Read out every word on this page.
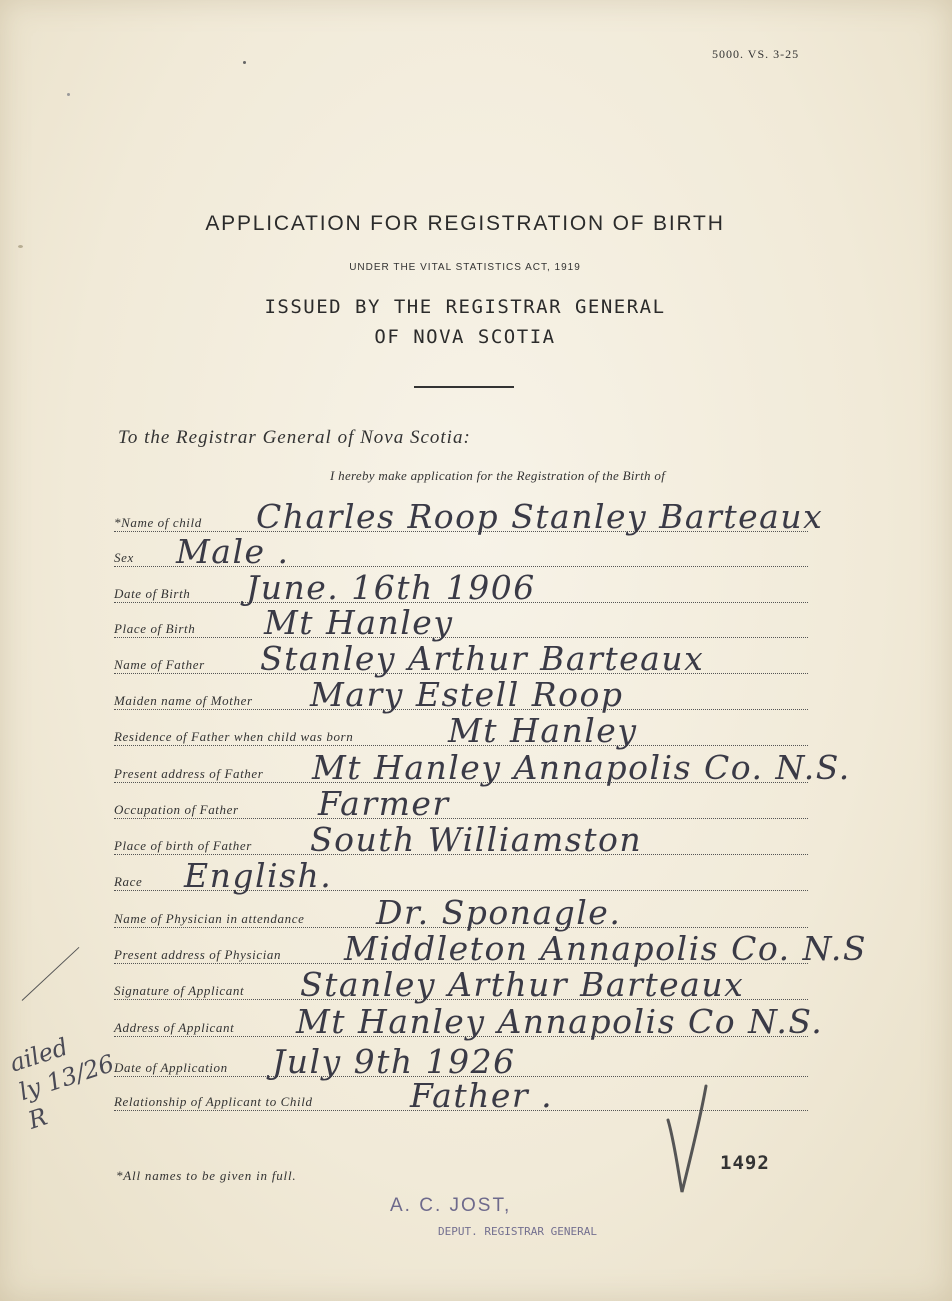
5000. VS. 3-25
APPLICATION FOR REGISTRATION OF BIRTH
UNDER THE VITAL STATISTICS ACT, 1919
ISSUED BY THE REGISTRAR GENERAL
OF NOVA SCOTIA
To the Registrar General of Nova Scotia:
I hereby make application for the Registration of the Birth of
*Name of child Charles Roop Stanley Barteaux
Sex Male .
Date of Birth June. 16th 1906
Place of Birth Mt Hanley
Name of Father Stanley Arthur Barteaux
Maiden name of Mother Mary Estell Roop
Residence of Father when child was born	Mt Hanley
Present address of Father Mt Hanley Annapolis Co. N.S.
Occupation of Father Farmer
Place of birth of Father South Williamston
Race English.
Name of Physician in attendance Dr. Sponagle.
Present address of Physician Middleton Annapolis Co. N.S
Signature of Applicant Stanley Arthur Barteaux
Address of Applicant Mt Hanley Annapolis Co N.S.
Date of Application July 9th 1926
Relationship of Applicant to Child	Father .
*All names to be given in full.
1492
A. C. JOST,
DEPUT. REGISTRAR GENERAL
ailed
ly 13/26
R
